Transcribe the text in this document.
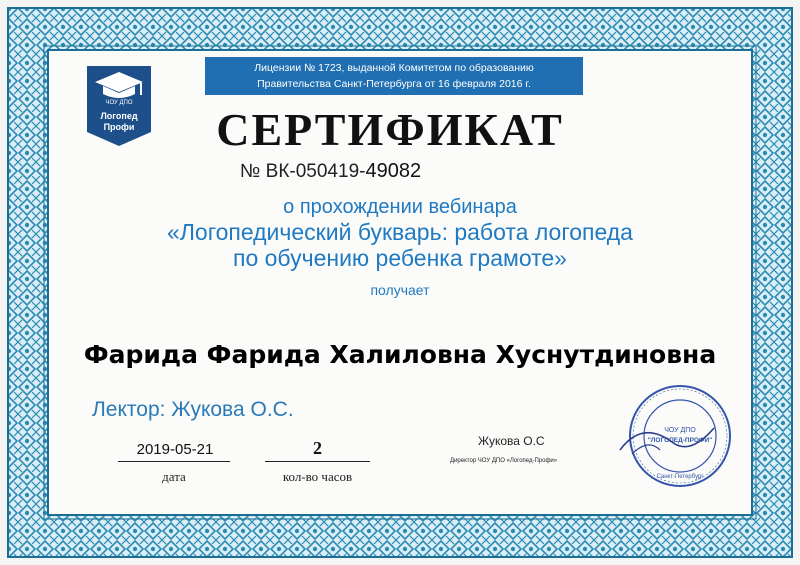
Лицензии № 1723, выданной Комитетом по образованию
Правительства Санкт-Петербурга от 16 февраля 2016 г.
ЧОУ ДПО
Логопед
Профи	СЕРТИФИКАТ
№ ВК-050419-49082
о прохождении вебинара
«Логопедический букварь: работа логопеда
по обучению ребенка грамоте»
получает
Фарида Фарида Халиловна Хуснутдиновна
Лектор: Жукова О.С.
2019-05-21
дата
2
кол-во часов
Жукова О.С
Директор ЧОУ ДПО «Логопед-Профи»
ЧОУ ДПО
"ЛОГОПЕД-ПРОФИ"
Санкт-Петербург
